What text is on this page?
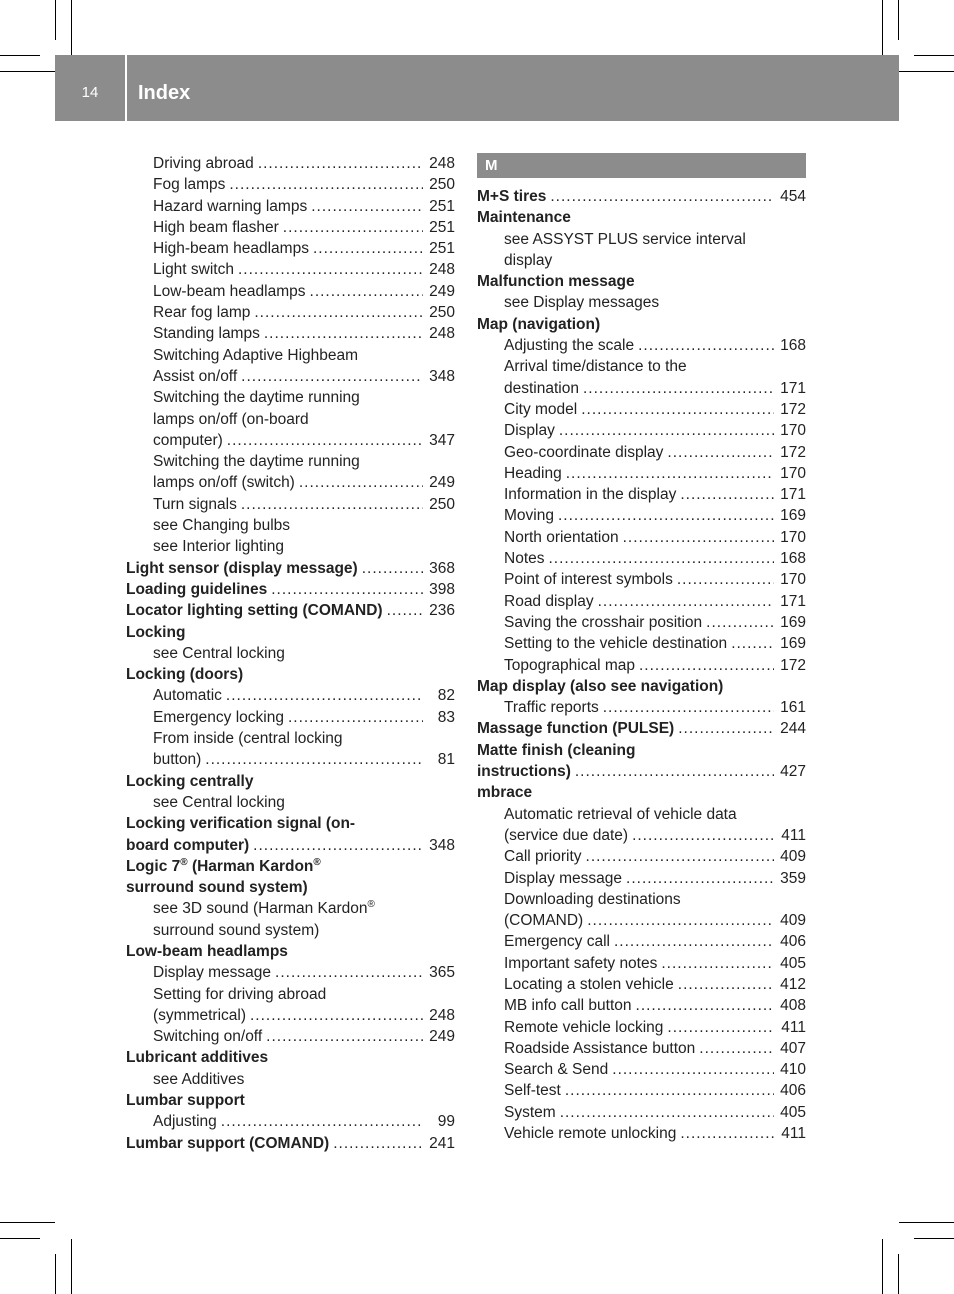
14	Index
Driving abroad .....	248
Fog lamps .....	250
Hazard warning lamps .....	251
High beam flasher .....	251
High-beam headlamps .....	251
Light switch .....	248
Low-beam headlamps .....	249
Rear fog lamp .....	250
Standing lamps .....	248
Switching Adaptive Highbeam
Assist on/off .....	348
Switching the daytime running
lamps on/off (on-board
computer) .....	347
Switching the daytime running
lamps on/off (switch) .....	249
Turn signals .....	250
see Changing bulbs
see Interior lighting
Light sensor (display message) .....	368
Loading guidelines .....	398
Locator lighting setting (COMAND) .....	236
Locking
see Central locking
Locking (doors)
Automatic .....	82
Emergency locking .....	83
From inside (central locking
button) .....	81
Locking centrally
see Central locking
Locking verification signal (on-
board computer) .....	348
Logic 7® (Harman Kardon®
surround sound system)
see 3D sound (Harman Kardon®
surround sound system)
Low-beam headlamps
Display message .....	365
Setting for driving abroad
(symmetrical) .....	248
Switching on/off .....	249
Lubricant additives
see Additives
Lumbar support
Adjusting .....	99
Lumbar support (COMAND) .....	241
M
M+S tires .....	454
Maintenance
see ASSYST PLUS service interval
display
Malfunction message
see Display messages
Map (navigation)
Adjusting the scale .....	168
Arrival time/distance to the
destination .....	171
City model .....	172
Display .....	170
Geo-coordinate display .....	172
Heading .....	170
Information in the display .....	171
Moving .....	169
North orientation .....	170
Notes .....	168
Point of interest symbols .....	170
Road display .....	171
Saving the crosshair position .....	169
Setting to the vehicle destination .....	169
Topographical map .....	172
Map display (also see navigation)
Traffic reports .....	161
Massage function (PULSE) .....	244
Matte finish (cleaning
instructions) .....	427
mbrace
Automatic retrieval of vehicle data
(service due date) .....	411
Call priority .....	409
Display message .....	359
Downloading destinations
(COMAND) .....	409
Emergency call .....	406
Important safety notes .....	405
Locating a stolen vehicle .....	412
MB info call button .....	408
Remote vehicle locking .....	411
Roadside Assistance button .....	407
Search & Send .....	410
Self-test .....	406
System .....	405
Vehicle remote unlocking .....	411
